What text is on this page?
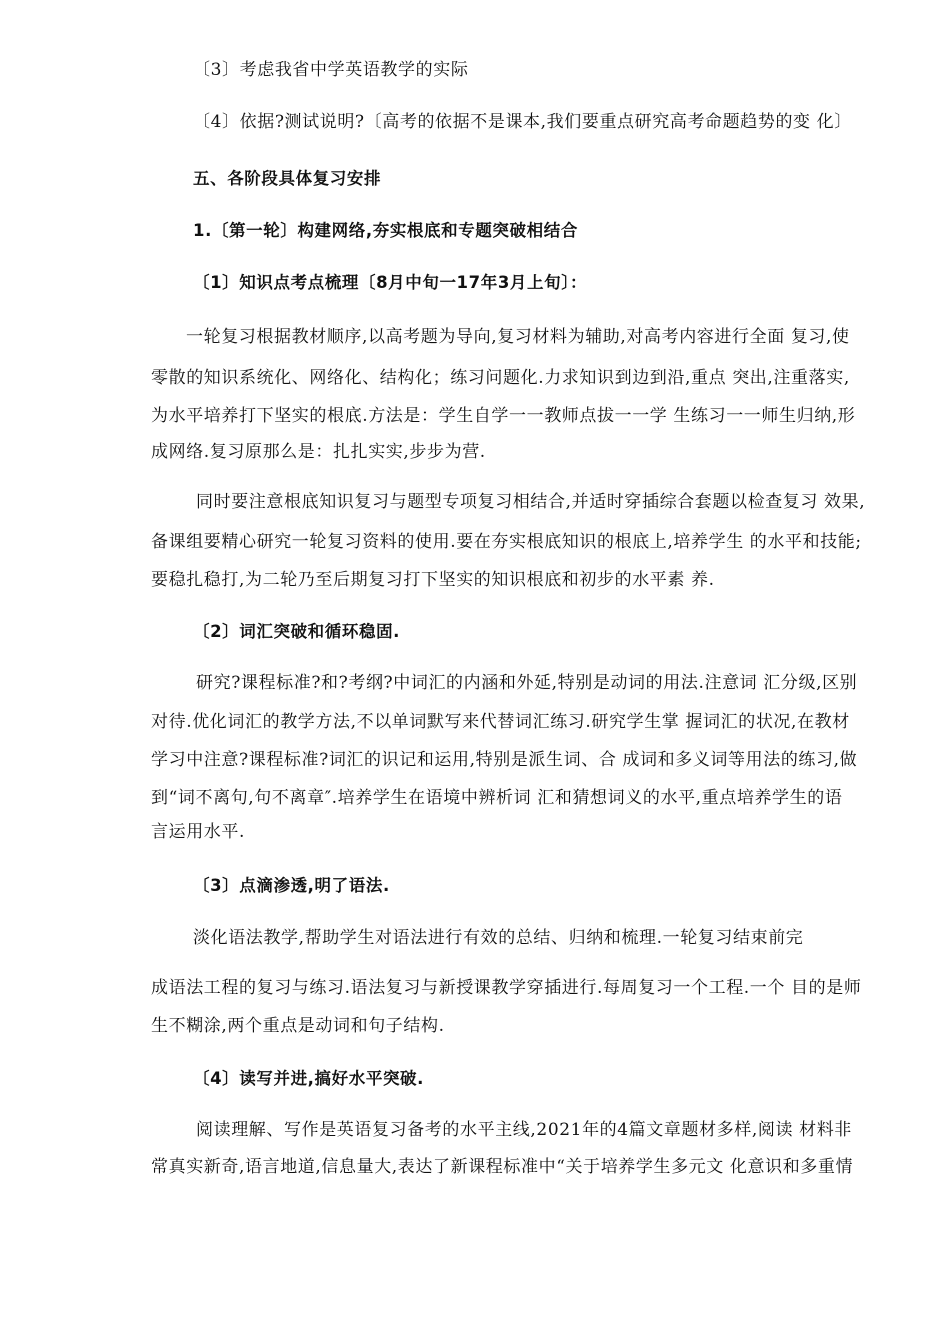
〔3〕考虑我省中学英语教学的实际
〔4〕依据?测试说明?〔高考的依据不是课本,我们要重点研究高考命题趋势的变 化〕
五、各阶段具体复习安排
1.〔第一轮〕构建网络,夯实根底和专题突破相结合
〔1〕知识点考点梳理〔8月中旬一17年3月上旬〕：
一轮复习根据教材顺序,以高考题为导向,复习材料为辅助,对高考内容进行全面 复习,使
零散的知识系统化、网络化、结构化；练习问题化.力求知识到边到沿,重点 突出,注重落实,
为水平培养打下坚实的根底.方法是：学生自学一一教师点拔一一学 生练习一一师生归纳,形
成网络.复习原那么是：扎扎实实,步步为营.
同时要注意根底知识复习与题型专项复习相结合,并适时穿插综合套题以检查复习 效果,
备课组要精心研究一轮复习资料的使用.要在夯实根底知识的根底上,培养学生 的水平和技能;
要稳扎稳打,为二轮乃至后期复习打下坚实的知识根底和初步的水平素 养.
〔2〕词汇突破和循环稳固.
研究?课程标准?和?考纲?中词汇的内涵和外延,特别是动词的用法.注意词 汇分级,区别
对待.优化词汇的教学方法,不以单词默写来代替词汇练习.研究学生掌 握词汇的状况,在教材
学习中注意?课程标准?词汇的识记和运用,特别是派生词、合 成词和多义词等用法的练习,做
到“词不离句,句不离章″.培养学生在语境中辨析词 汇和猜想词义的水平,重点培养学生的语
言运用水平.
〔3〕点滴渗透,明了语法.
淡化语法教学,帮助学生对语法进行有效的总结、归纳和梳理.一轮复习结束前完
成语法工程的复习与练习.语法复习与新授课教学穿插进行.每周复习一个工程.一个 目的是师
生不糊涂,两个重点是动词和句子结构.
〔4〕读写并进,搞好水平突破.
阅读理解、写作是英语复习备考的水平主线,2021年的4篇文章题材多样,阅读 材料非
常真实新奇,语言地道,信息量大,表达了新课程标准中“关于培养学生多元文 化意识和多重情
